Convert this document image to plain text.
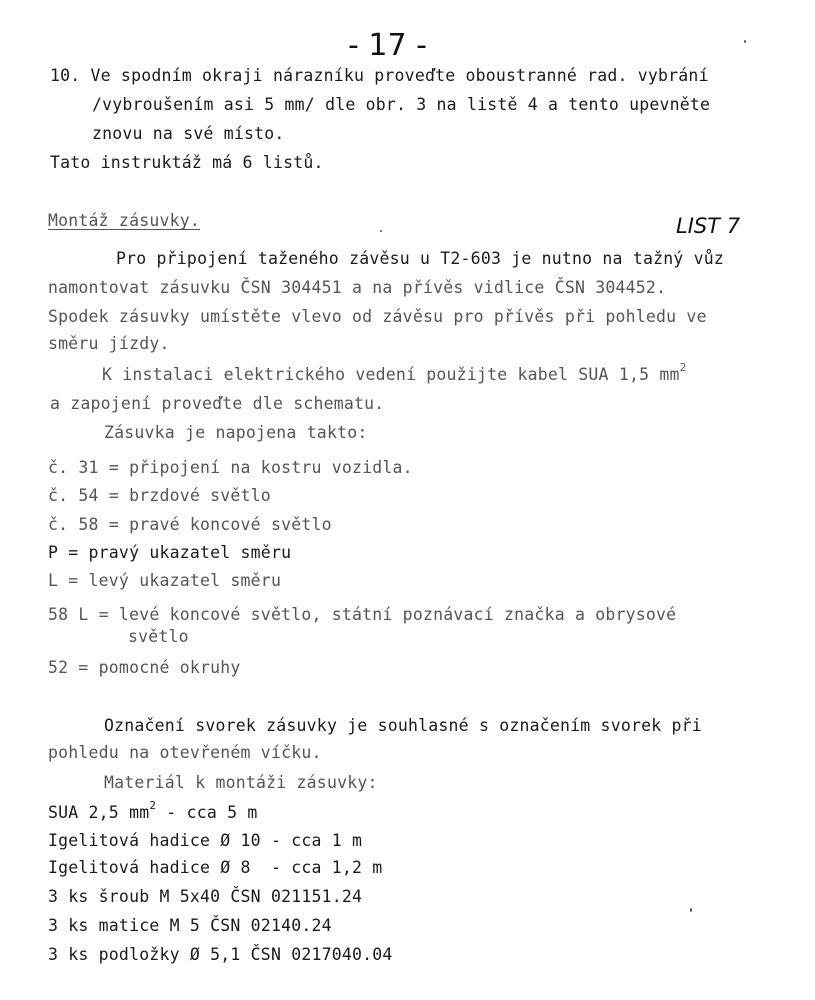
- 17 -
10. Ve spodním okraji nárazníku proveďte oboustranné rad. vybrání
/vybroušením asi 5 mm/ dle obr. 3 na listě 4 a tento upevněte
znovu na své místo.
Tato instruktáž má 6 listů.
Montáž zásuvky.	LIST 7
Pro připojení taženého závěsu u T2-603 je nutno na tažný vůz
namontovat zásuvku ČSN 304451 a na přívěs vidlice ČSN 304452.
Spodek zásuvky umístěte vlevo od závěsu pro přívěs při pohledu ve
směru jízdy.
K instalaci elektrického vedení použijte kabel SUA 1,5 $mm^2$
a zapojení proveďte dle schematu.
Zásuvka je napojena takto:
č. 31 = připojení na kostru vozidla.
č. 54 = brzdové světlo
č. 58 = pravé koncové světlo
P = pravý ukazatel směru
L = levý ukazatel směru
58 L = levé koncové světlo, státní poznávací značka a obrysové
světlo
52 = pomocné okruhy
Označení svorek zásuvky je souhlasné s označením svorek při
pohledu na otevřeném víčku.
Materiál k montáži zásuvky:
SUA 2,5 $mm^2$ - cca 5 m
Igelitová hadice Ø 10 - cca 1 m
Igelitová hadice Ø 8  - cca 1,2 m
3 ks šroub M 5x40 ČSN 021151.24
3 ks matice M 5 ČSN 02140.24
3 ks podložky Ø 5,1 ČSN 0217040.04
